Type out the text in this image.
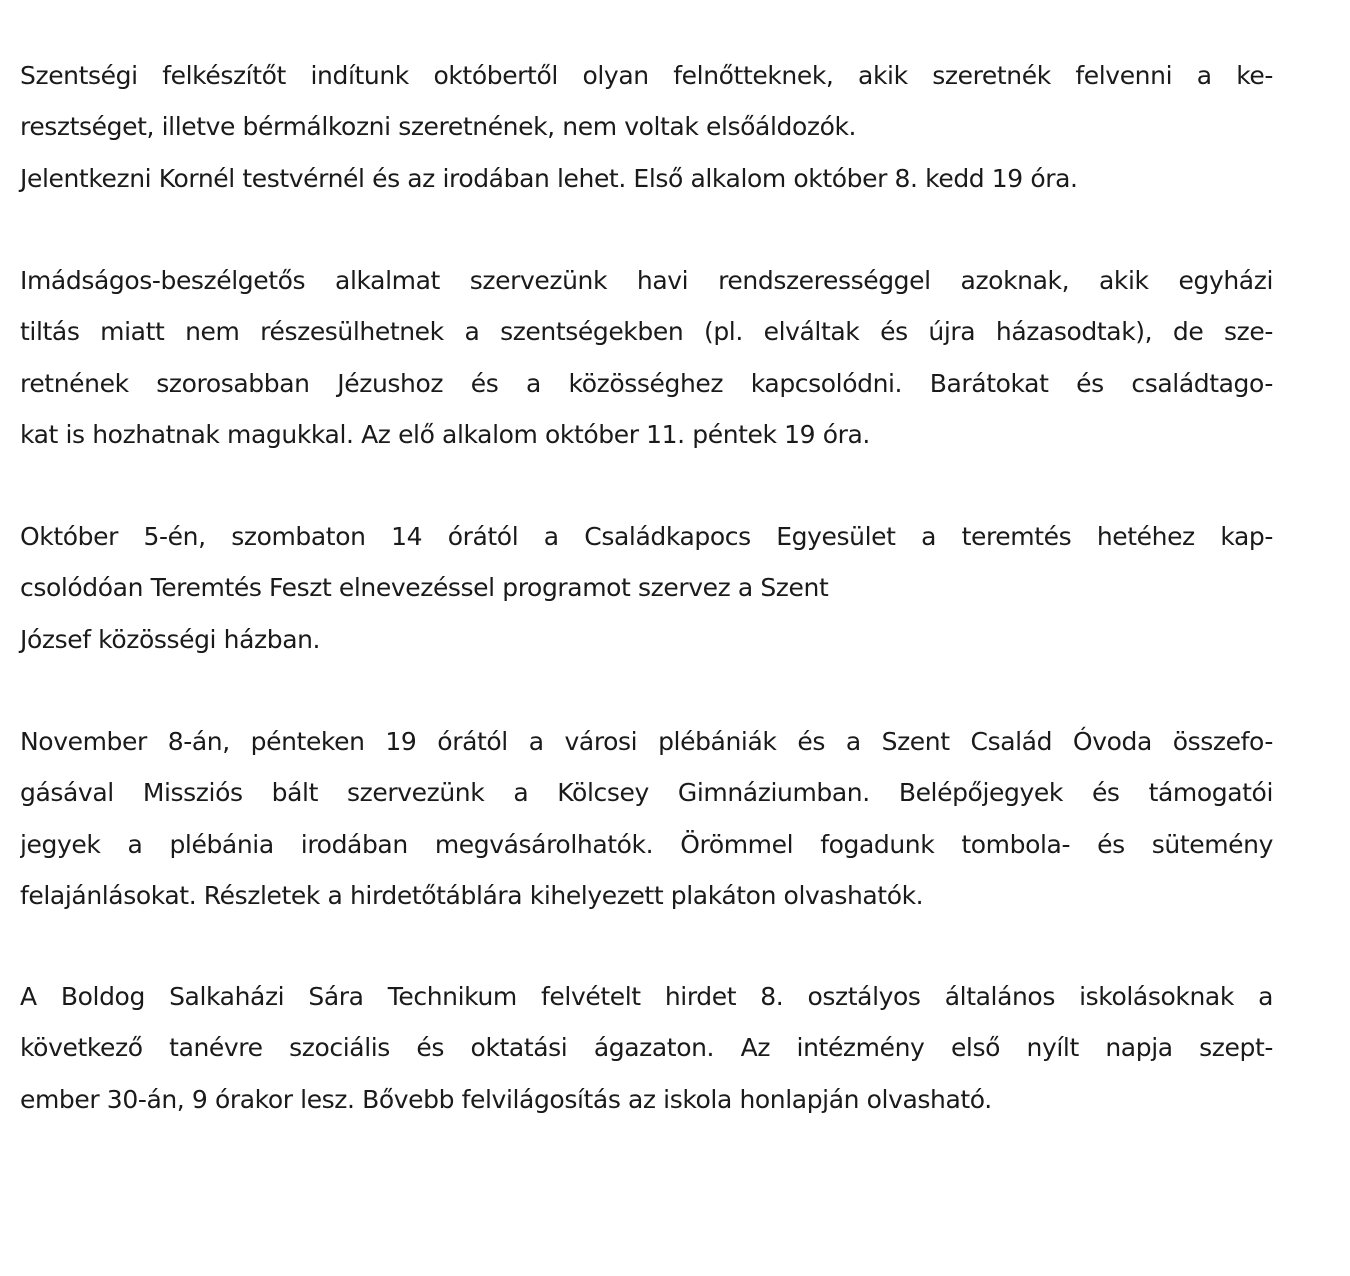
Szentségi felkészítőt indítunk októbertől olyan felnőtteknek, akik szeretnék felvenni a ke-
resztséget, illetve bérmálkozni szeretnének, nem voltak elsőáldozók.
Jelentkezni Kornél testvérnél és az irodában lehet. Első alkalom október 8. kedd 19 óra.
Imádságos-beszélgetős alkalmat szervezünk havi rendszerességgel azoknak, akik egyházi
tiltás miatt nem részesülhetnek a szentségekben (pl. elváltak és újra házasodtak), de sze-
retnének szorosabban Jézushoz és a közösséghez kapcsolódni. Barátokat és családtago-
kat is hozhatnak magukkal. Az elő alkalom október 11. péntek 19 óra.
Október 5-én, szombaton 14 órától a Családkapocs Egyesület a teremtés hetéhez kap-
csolódóan Teremtés Feszt elnevezéssel programot szervez a Szent
József közösségi házban.
November 8-án, pénteken 19 órától a városi plébániák és a Szent Család Óvoda összefo-
gásával Missziós bált szervezünk a Kölcsey Gimnáziumban. Belépőjegyek és támogatói
jegyek a plébánia irodában megvásárolhatók. Örömmel fogadunk tombola- és sütemény
felajánlásokat. Részletek a hirdetőtáblára kihelyezett plakáton olvashatók.
A Boldog Salkaházi Sára Technikum felvételt hirdet 8. osztályos általános iskolásoknak a
következő tanévre szociális és oktatási ágazaton. Az intézmény első nyílt napja szept-
ember 30-án, 9 órakor lesz. Bővebb felvilágosítás az iskola honlapján olvasható.
